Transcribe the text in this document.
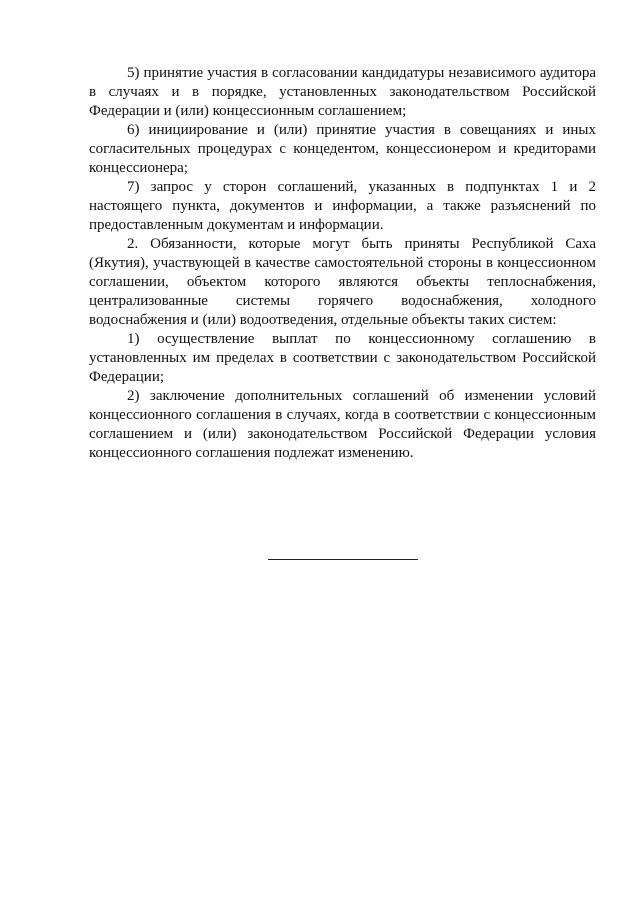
5) принятие участия в согласовании кандидатуры независимого аудитора в случаях и в порядке, установленных законодательством Российской Федерации и (или) концессионным соглашением;

6) инициирование и (или) принятие участия в совещаниях и иных согласительных процедурах с концедентом, концессионером и кредиторами концессионера;

7) запрос у сторон соглашений, указанных в подпунктах 1 и 2 настоящего пункта, документов и информации, а также разъяснений по предоставленным документам и информации.

2. Обязанности, которые могут быть приняты Республикой Саха (Якутия), участвующей в качестве самостоятельной стороны в концессионном соглашении, объектом которого являются объекты теплоснабжения, централизованные системы горячего водоснабжения, холодного водоснабжения и (или) водоотведения, отдельные объекты таких систем:

1) осуществление выплат по концессионному соглашению в установленных им пределах в соответствии с законодательством Российской Федерации;

2) заключение дополнительных соглашений об изменении условий концессионного соглашения в случаях, когда в соответствии с концессионным соглашением и (или) законодательством Российской Федерации условия концессионного соглашения подлежат изменению.
